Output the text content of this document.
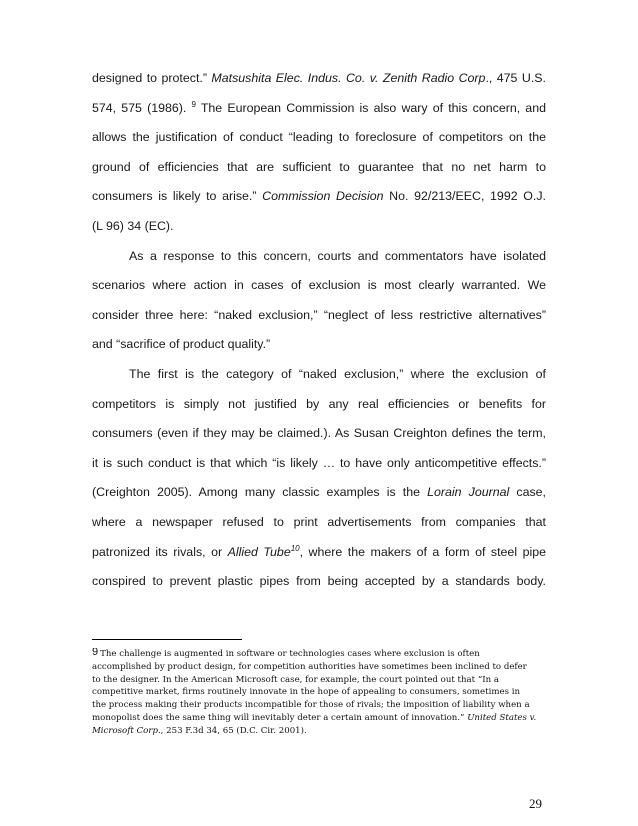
designed to protect.” Matsushita Elec. Indus. Co. v. Zenith Radio Corp., 475 U.S.
574, 575 (1986). $^9$ The European Commission is also wary of this concern, and
allows the justification of conduct “leading to foreclosure of competitors on the
ground of efficiencies that are sufficient to guarantee that no net harm to
consumers is likely to arise.” Commission Decision No. 92/213/EEC, 1992 O.J.
(L 96) 34 (EC).
As a response to this concern, courts and commentators have isolated
scenarios where action in cases of exclusion is most clearly warranted. We
consider three here: “naked exclusion,” “neglect of less restrictive alternatives”
and “sacrifice of product quality.”
The first is the category of “naked exclusion,” where the exclusion of
competitors is simply not justified by any real efficiencies or benefits for
consumers (even if they may be claimed.). As Susan Creighton defines the term,
it is such conduct is that which “is likely … to have only anticompetitive effects.”
(Creighton 2005). Among many classic examples is the Lorain Journal case,
where a newspaper refused to print advertisements from companies that
patronized its rivals, or Allied Tube$^{10}$, where the makers of a form of steel pipe
conspired to prevent plastic pipes from being accepted by a standards body.
$^9$ The challenge is augmented in software or technologies cases where exclusion is often
accomplished by product design, for competition authorities have sometimes been inclined to defer
to the designer. In the American Microsoft case, for example, the court pointed out that “In a
competitive market, firms routinely innovate in the hope of appealing to consumers, sometimes in
the process making their products incompatible for those of rivals; the imposition of liability when a
monopolist does the same thing will inevitably deter a certain amount of innovation.” United States v.
Microsoft Corp., 253 F.3d 34, 65 (D.C. Cir. 2001).
29
